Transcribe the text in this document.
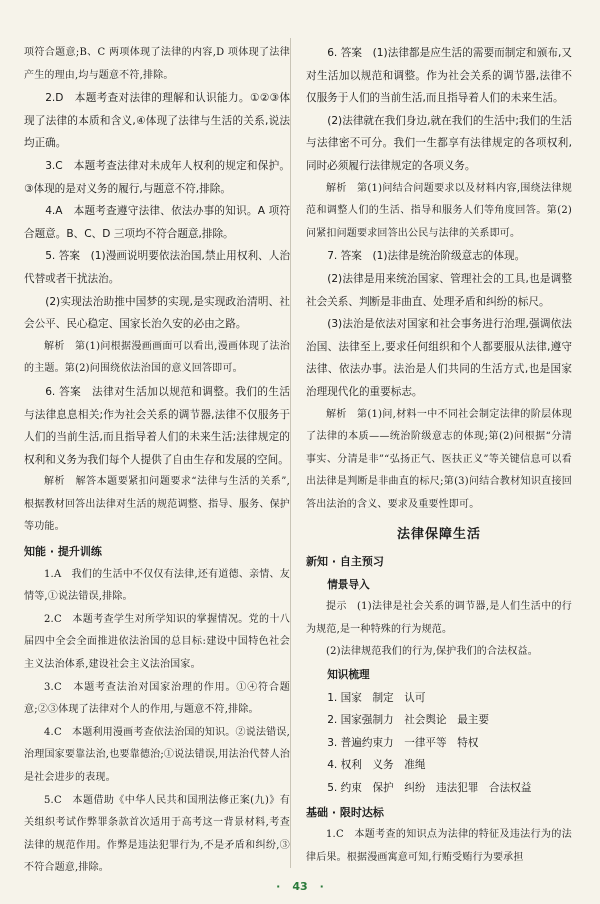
项符合题意;B、C 两项体现了法律的内容,D 项体现了法律产生的理由,均与题意不符,排除。

2.D　本题考查对法律的理解和认识能力。①②③体现了法律的本质和含义,④体现了法律与生活的关系,说法均正确。

3.C　本题考查法律对未成年人权利的规定和保护。③体现的是对义务的履行,与题意不符,排除。

4.A　本题考查遵守法律、依法办事的知识。A 项符合题意。B、C、D 三项均不符合题意,排除。

5. 答案　(1)漫画说明要依法治国,禁止用权利、人治代替或者干扰法治。

(2)实现法治助推中国梦的实现,是实现政治清明、社会公平、民心稳定、国家长治久安的必由之路。

解析　第(1)问根据漫画画面可以看出,漫画体现了法治的主题。第(2)问围绕依法治国的意义回答即可。

6. 答案　法律对生活加以规范和调整。我们的生活与法律息息相关;作为社会关系的调节器,法律不仅服务于人们的当前生活,而且指导着人们的未来生活;法律规定的权利和义务为我们每个人提供了自由生存和发展的空间。

解析　解答本题要紧扣问题要求“法律与生活的关系”,根据教材回答出法律对生活的规范调整、指导、服务、保护等功能。

知能 · 提升训练

1.A　我们的生活中不仅仅有法律,还有道德、亲情、友情等,①说法错误,排除。

2.C　本题考查学生对所学知识的掌握情况。党的十八届四中全会全面推进依法治国的总目标:建设中国特色社会主义法治体系,建设社会主义法治国家。

3.C　本题考查法治对国家治理的作用。①④符合题意;②③体现了法律对个人的作用,与题意不符,排除。

4.C　本题利用漫画考查依法治国的知识。②说法错误,治理国家要靠法治,也要靠德治;①说法错误,用法治代替人治是社会进步的表现。

5.C　本题借助《中华人民共和国刑法修正案(九)》有关组织考试作弊罪条款首次适用于高考这一背景材料,考查法律的规范作用。作弊是违法犯罪行为,不是矛盾和纠纷,③不符合题意,排除。

6. 答案　(1)法律都是应生活的需要而制定和颁布,又对生活加以规范和调整。作为社会关系的调节器,法律不仅服务于人们的当前生活,而且指导着人们的未来生活。

(2)法律就在我们身边,就在我们的生活中;我们的生活与法律密不可分。我们一生都享有法律规定的各项权利,同时必须履行法律规定的各项义务。

解析　第(1)问结合问题要求以及材料内容,围绕法律规范和调整人们的生活、指导和服务人们等角度回答。第(2)问紧扣问题要求回答出公民与法律的关系即可。

7. 答案　(1)法律是统治阶级意志的体现。

(2)法律是用来统治国家、管理社会的工具,也是调整社会关系、判断是非曲直、处理矛盾和纠纷的标尺。

(3)法治是依法对国家和社会事务进行治理,强调依法治国、法律至上,要求任何组织和个人都要服从法律,遵守法律、依法办事。法治是人们共同的生活方式,也是国家治理现代化的重要标志。

解析　第(1)问,材料一中不同社会制定法律的阶层体现了法律的本质——统治阶级意志的体现;第(2)问根据“分清事实、分清是非”“弘扬正气、医扶正义”等关键信息可以看出法律是判断是非曲直的标尺;第(3)问结合教材知识直接回答出法治的含义、要求及重要性即可。

法律保障生活
新知 · 自主预习

情景导入

提示　(1)法律是社会关系的调节器,是人们生活中的行为规范,是一种特殊的行为规范。

(2)法律规范我们的行为,保护我们的合法权益。

知识梳理

1. 国家　制定　认可

2. 国家强制力　社会舆论　最主要

3. 普遍约束力　一律平等　特权

4. 权利　义务　准绳

5. 约束　保护　纠纷　违法犯罪　合法权益

基础 · 限时达标

1.C　本题考查的知识点为法律的特征及违法行为的法律后果。根据漫画寓意可知,行贿受贿行为要承担

· 43 ·
